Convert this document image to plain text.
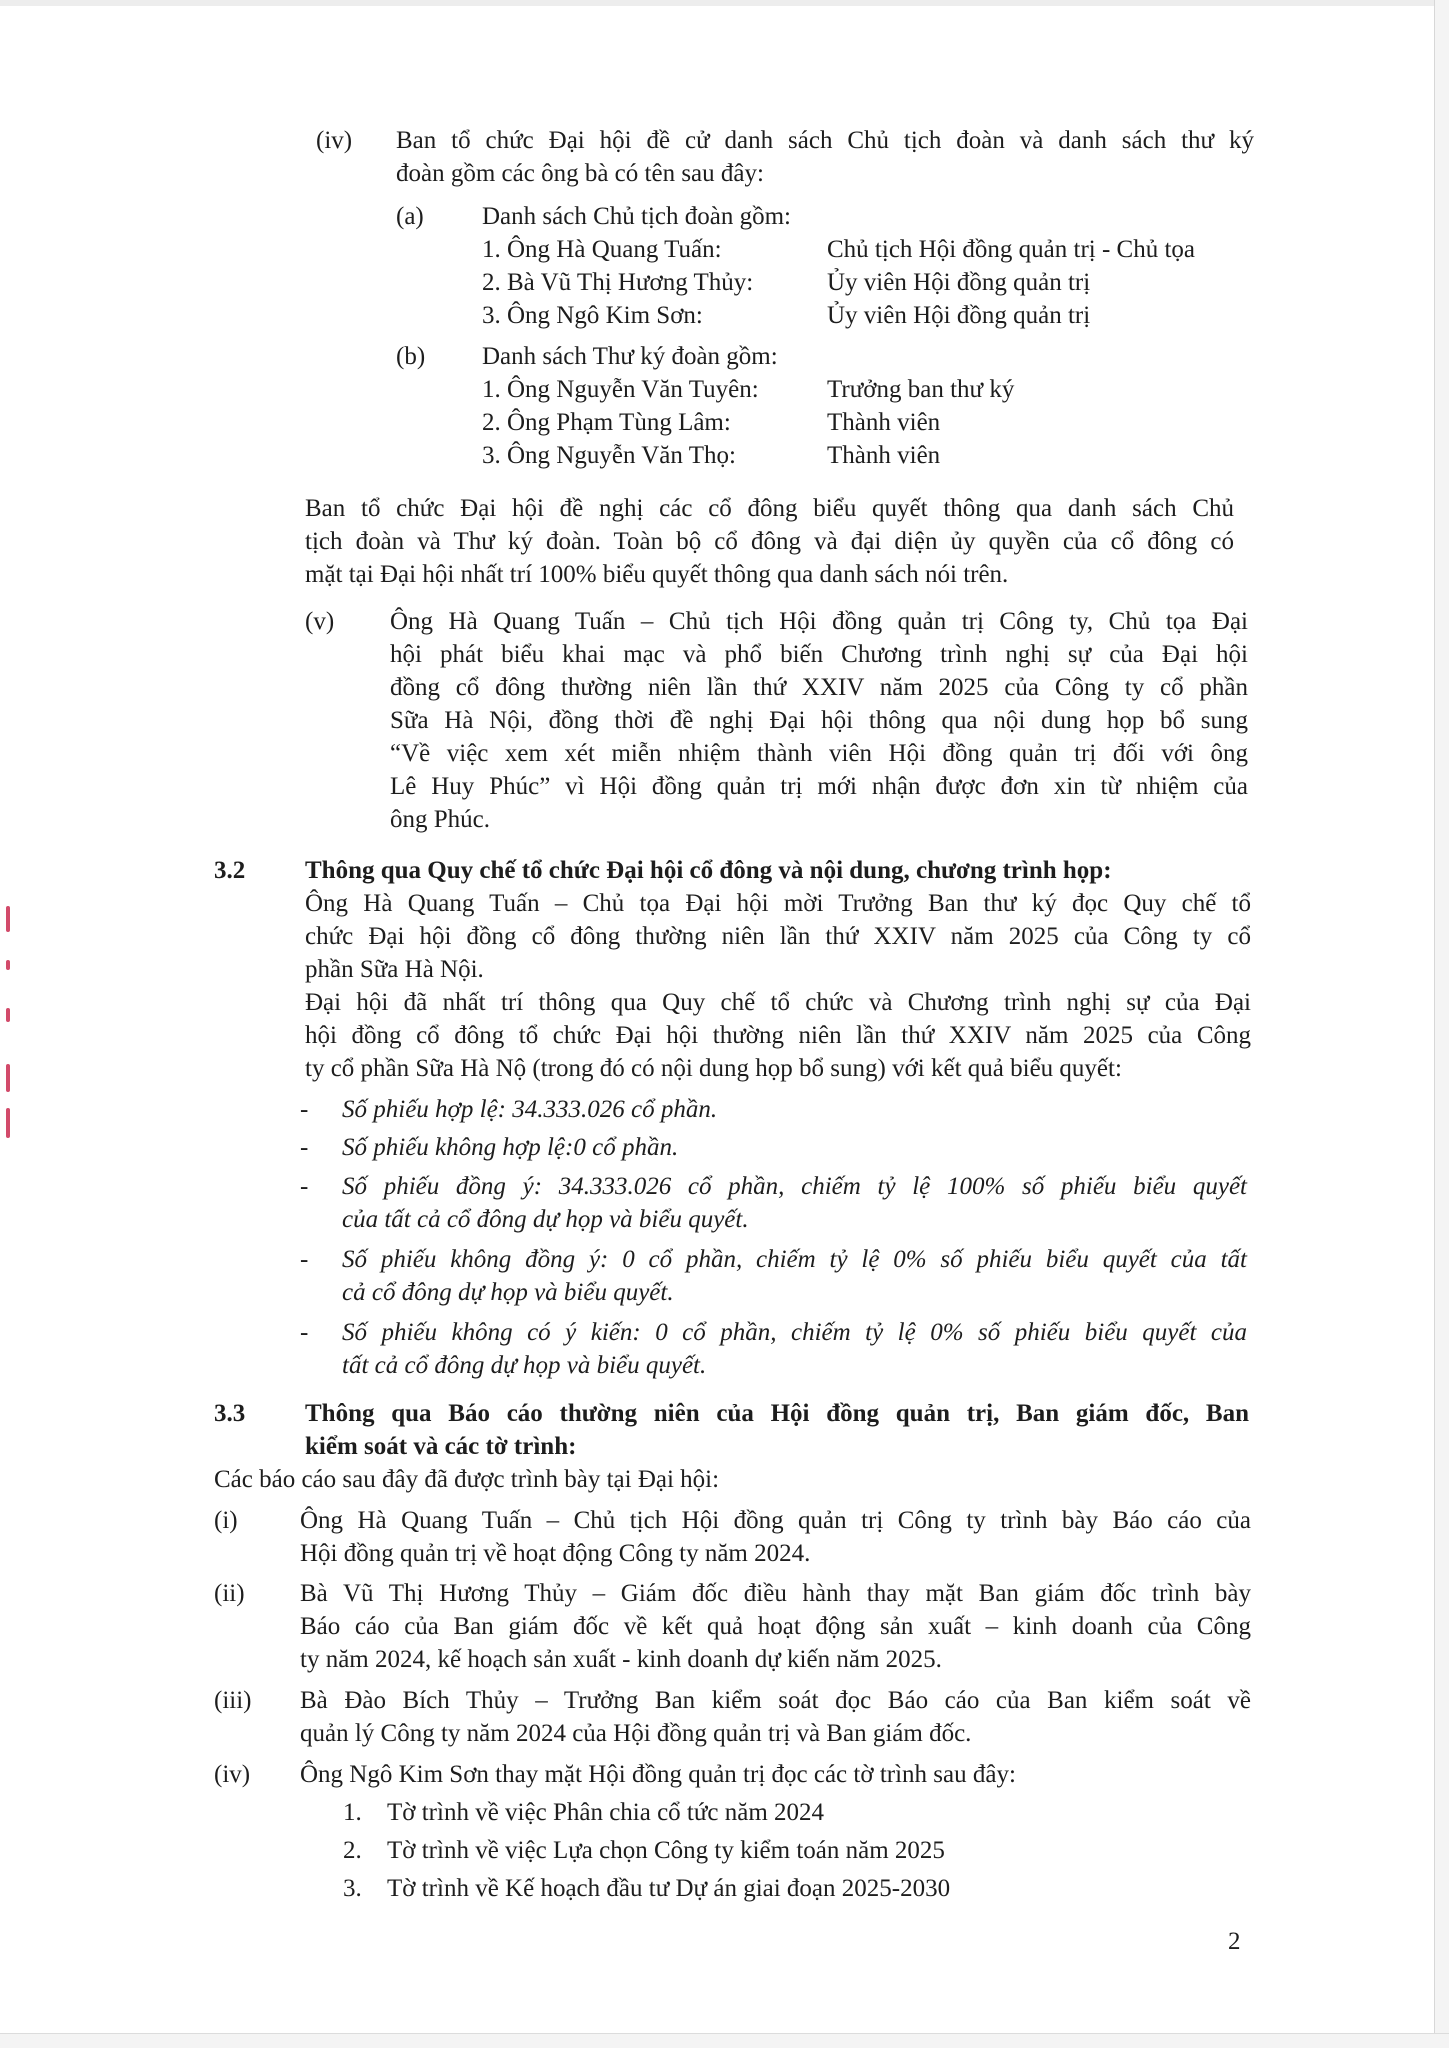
(iv) Ban tổ chức Đại hội đề cử danh sách Chủ tịch đoàn và danh sách thư ký
đoàn gồm các ông bà có tên sau đây:
(a) Danh sách Chủ tịch đoàn gồm:
1. Ông Hà Quang Tuấn:	Chủ tịch Hội đồng quản trị - Chủ tọa
2. Bà Vũ Thị Hương Thủy:	Ủy viên Hội đồng quản trị
3. Ông Ngô Kim Sơn:	Ủy viên Hội đồng quản trị
(b) Danh sách Thư ký đoàn gồm:
1. Ông Nguyễn Văn Tuyên:	Trưởng ban thư ký
2. Ông Phạm Tùng Lâm:	Thành viên
3. Ông Nguyễn Văn Thọ:	Thành viên
Ban tổ chức Đại hội đề nghị các cổ đông biểu quyết thông qua danh sách Chủ
tịch đoàn và Thư ký đoàn. Toàn bộ cổ đông và đại diện ủy quyền của cổ đông có
mặt tại Đại hội nhất trí 100% biểu quyết thông qua danh sách nói trên.
(v) Ông Hà Quang Tuấn – Chủ tịch Hội đồng quản trị Công ty, Chủ tọa Đại
hội phát biểu khai mạc và phổ biến Chương trình nghị sự của Đại hội
đồng cổ đông thường niên lần thứ XXIV năm 2025 của Công ty cổ phần
Sữa Hà Nội, đồng thời đề nghị Đại hội thông qua nội dung họp bổ sung
“Về việc xem xét miễn nhiệm thành viên Hội đồng quản trị đối với ông
Lê Huy Phúc” vì Hội đồng quản trị mới nhận được đơn xin từ nhiệm của
ông Phúc.
3.2 Thông qua Quy chế tổ chức Đại hội cổ đông và nội dung, chương trình họp:
Ông Hà Quang Tuấn – Chủ tọa Đại hội mời Trưởng Ban thư ký đọc Quy chế tổ
chức Đại hội đồng cổ đông thường niên lần thứ XXIV năm 2025 của Công ty cổ
phần Sữa Hà Nội.
Đại hội đã nhất trí thông qua Quy chế tổ chức và Chương trình nghị sự của Đại
hội đồng cổ đông tổ chức Đại hội thường niên lần thứ XXIV năm 2025 của Công
ty cổ phần Sữa Hà Nộ (trong đó có nội dung họp bổ sung) với kết quả biểu quyết:
- Số phiếu hợp lệ: 34.333.026 cổ phần.
- Số phiếu không hợp lệ:0 cổ phần.
- Số phiếu đồng ý: 34.333.026 cổ phần, chiếm tỷ lệ 100% số phiếu biểu quyết
của tất cả cổ đông dự họp và biểu quyết.
- Số phiếu không đồng ý: 0 cổ phần, chiếm tỷ lệ 0% số phiếu biểu quyết của tất
cả cổ đông dự họp và biểu quyết.
- Số phiếu không có ý kiến: 0 cổ phần, chiếm tỷ lệ 0% số phiếu biểu quyết của
tất cả cổ đông dự họp và biểu quyết.
3.3 Thông qua Báo cáo thường niên của Hội đồng quản trị, Ban giám đốc, Ban
kiểm soát và các tờ trình:
Các báo cáo sau đây đã được trình bày tại Đại hội:
(i) Ông Hà Quang Tuấn – Chủ tịch Hội đồng quản trị Công ty trình bày Báo cáo của
Hội đồng quản trị về hoạt động Công ty năm 2024.
(ii) Bà Vũ Thị Hương Thủy – Giám đốc điều hành thay mặt Ban giám đốc trình bày
Báo cáo của Ban giám đốc về kết quả hoạt động sản xuất – kinh doanh của Công
ty năm 2024, kế hoạch sản xuất - kinh doanh dự kiến năm 2025.
(iii) Bà Đào Bích Thủy – Trưởng Ban kiểm soát đọc Báo cáo của Ban kiểm soát về
quản lý Công ty năm 2024 của Hội đồng quản trị và Ban giám đốc.
(iv) Ông Ngô Kim Sơn thay mặt Hội đồng quản trị đọc các tờ trình sau đây:
1. Tờ trình về việc Phân chia cổ tức năm 2024
2. Tờ trình về việc Lựa chọn Công ty kiểm toán năm 2025
3. Tờ trình về Kế hoạch đầu tư Dự án giai đoạn 2025-2030
2
